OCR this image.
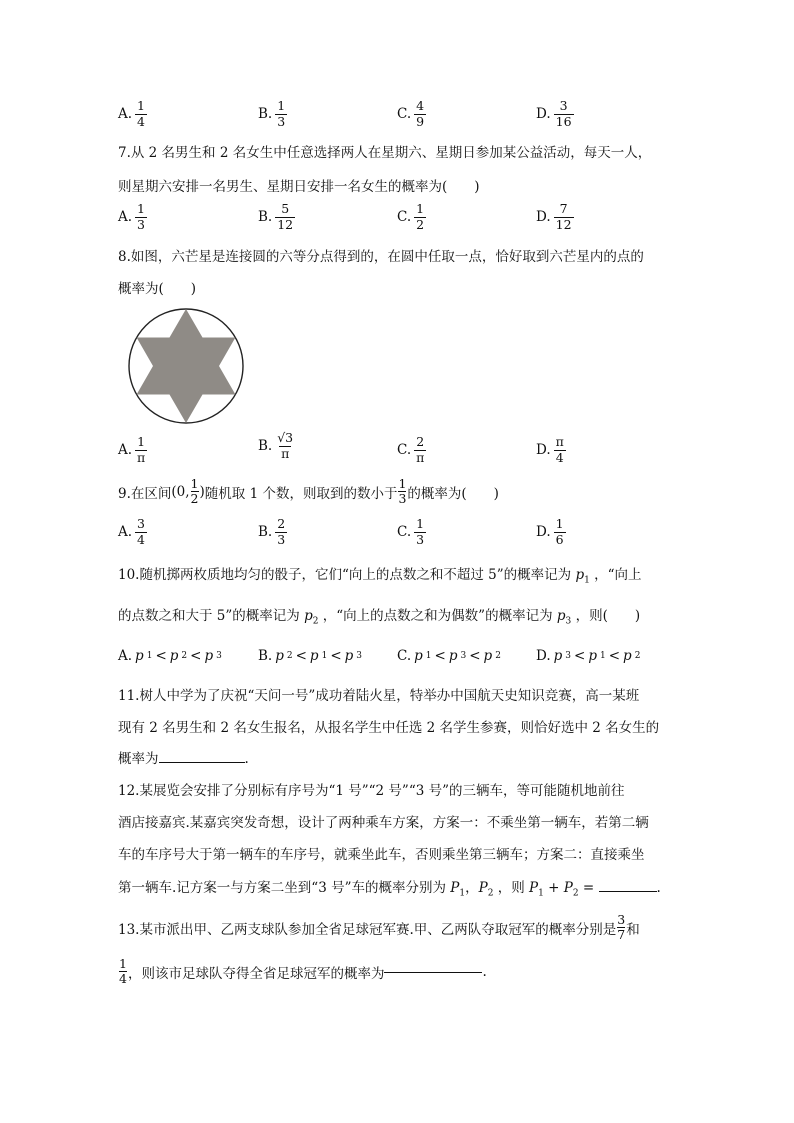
A. $\frac{1}{4}$	B. $\frac{1}{3}$	C. $\frac{4}{9}$	D. $\frac{3}{16}$
7.从 2 名男生和 2 名女生中任意选择两人在星期六、星期日参加某公益活动，每天一人，
则星期六安排一名男生、星期日安排一名女生的概率为(　　)
A. $\frac{1}{3}$	B. $\frac{5}{12}$	C. $\frac{1}{2}$	D. $\frac{7}{12}$
8.如图，六芒星是连接圆的六等分点得到的，在圆中任取一点，恰好取到六芒星内的点的
概率为(　　)
A. $\frac{1}{\pi}$	B. $\frac{√3}{\pi}$	C. $\frac{2}{\pi}$	D. $\frac{\pi}{4}$
9.在区间 (0, 1
2 ) 随机取 1 个数，则取到的数小于
1
3 的概率为(　　)
A. $\frac{3}{4}$	B. $\frac{2}{3}$	C. $\frac{1}{3}$	D. $\frac{1}{6}$
10.随机掷两枚质地均匀的骰子，它们“向上的点数之和不超过 5”的概率记为 $p_1$ ，“向上
的点数之和大于 5”的概率记为 $p_2$ ，“向上的点数之和为偶数”的概率记为 $p_3$ ，则(　　)
A. p 1 < p 2 < p 3	B. p 2 < p 1 < p 3	C. p 1 < p 3 < p 2	D. p 3 < p 1 < p 2
11.树人中学为了庆祝“天问一号”成功着陆火星，特举办中国航天史知识竞赛，高一某班
现有 2 名男生和 2 名女生报名，从报名学生中任选 2 名学生参赛，则恰好选中 2 名女生的
概率为	.
12.某展览会安排了分别标有序号为“1 号”“2 号”“3 号”的三辆车，等可能随机地前往
酒店接嘉宾.某嘉宾突发奇想，设计了两种乘车方案，方案一：不乘坐第一辆车，若第二辆
车的车序号大于第一辆车的车序号，就乘坐此车，否则乘坐第三辆车；方案二：直接乘坐
第一辆车.记方案一与方案二坐到“3 号”车的概率分别为 $P_1$，$P_2$ ，则 $P_1 + P_2$ =	.
13.某市派出甲、乙两支球队参加全省足球冠军赛.甲、乙两队夺取冠军的概率分别是
3
7 和
1
4 ，则该市足球队夺得全省足球冠军的概率为	.
